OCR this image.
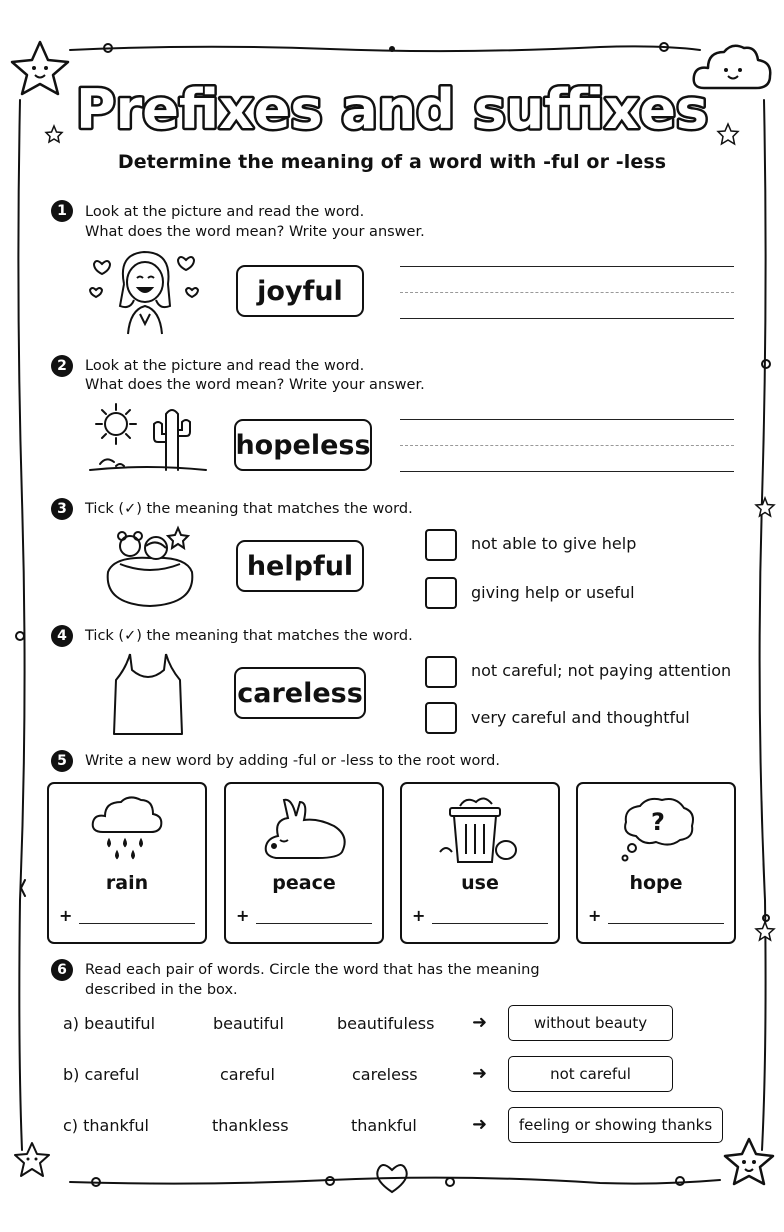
Prefixes and suffixes
Determine the meaning of a word with -ful or -less
1	Look at the picture and read the word.
What does the word mean? Write your answer.
joyful
2	Look at the picture and read the word.
What does the word mean? Write your answer.
hopeless
3	Tick (✓) the meaning that matches the word.
helpful
not able to give help
giving help or useful
4	Tick (✓) the meaning that matches the word.
careless
not careful; not paying attention
very careful and thoughtful
5	Write a new word by adding -ful or -less to the root word.
rain
+
peace
+
use
+
?
hope
+
6	Read each pair of words. Circle the word that has the meaning
described in the box.
a) beautiful	beautiful	beautifuless ➜	without beauty
b) careful	careful	careless	➜	not careful
c) thankful	thankless	thankful	➜	feeling or showing thanks
